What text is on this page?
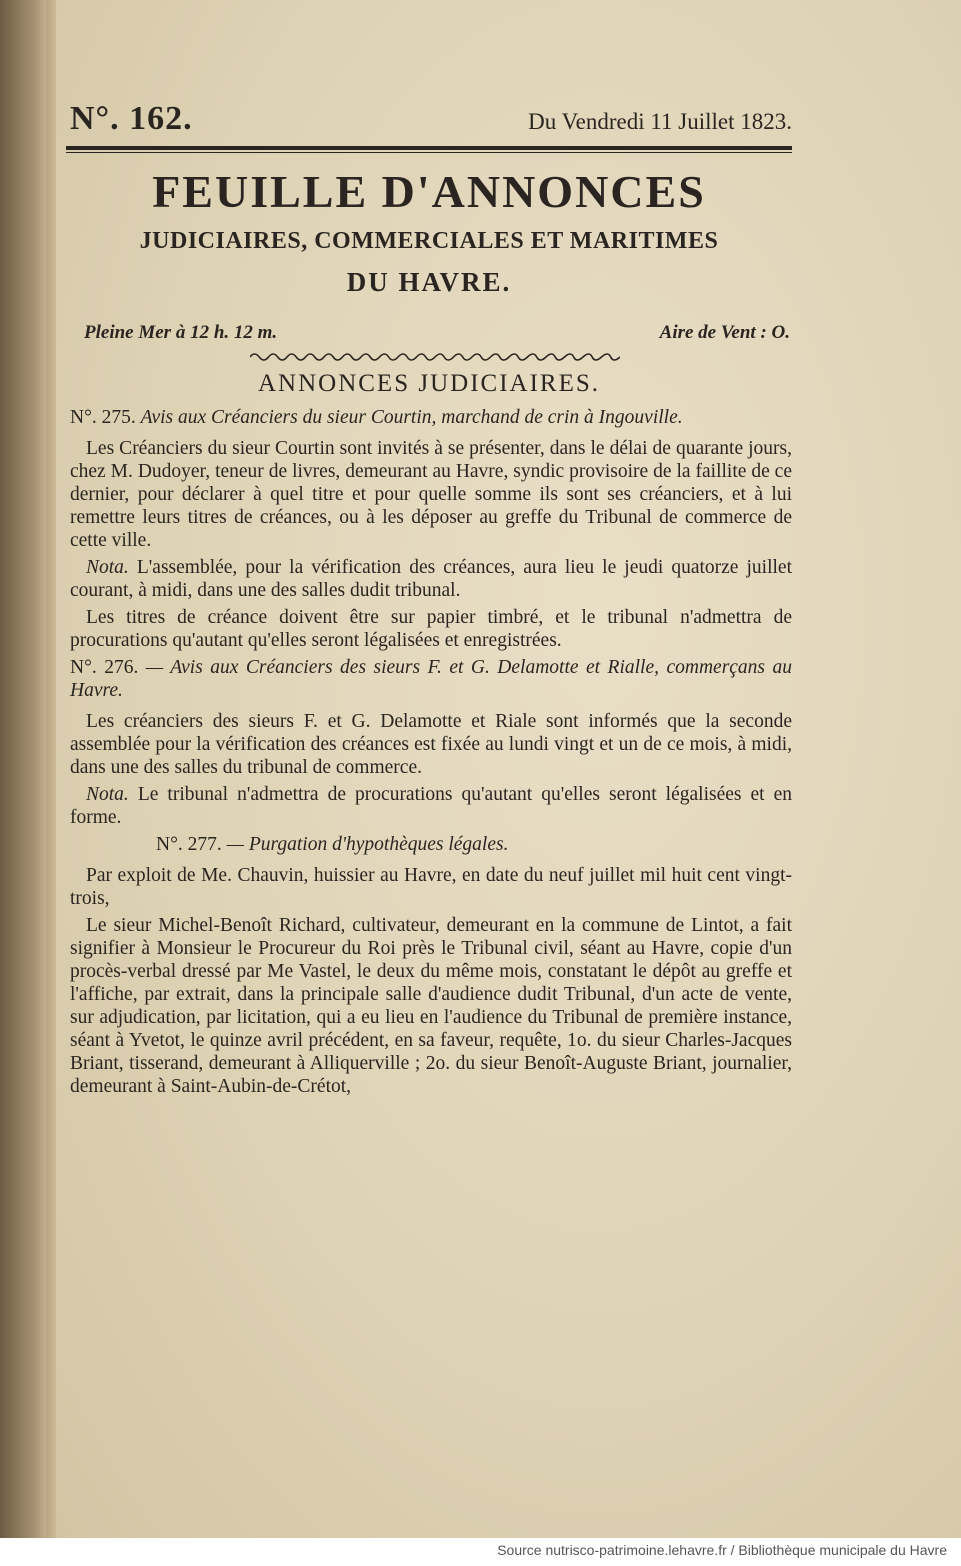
N°. 162.	Du Vendredi 11 Juillet 1823.
FEUILLE D'ANNONCES
JUDICIAIRES, COMMERCIALES ET MARITIMES
DU HAVRE.
Pleine Mer à 12 h. 12 m.	Aire de Vent : O.
ANNONCES JUDICIAIRES.

N°. 275. Avis aux Créanciers du sieur Courtin, marchand de crin à Ingouville.

Les Créanciers du sieur Courtin sont invités à se présenter, dans le délai de quarante jours, chez M. Dudoyer, teneur de livres, demeurant au Havre, syndic provisoire de la faillite de ce dernier, pour déclarer à quel titre et pour quelle somme ils sont ses créanciers, et à lui remettre leurs titres de créances, ou à les déposer au greffe du Tribunal de commerce de cette ville.

Nota. L'assemblée, pour la vérification des créances, aura lieu le jeudi quatorze juillet courant, à midi, dans une des salles dudit tribunal.

Les titres de créance doivent être sur papier timbré, et le tribunal n'admettra de procurations qu'autant qu'elles seront légalisées et enregistrées.

N°. 276. — Avis aux Créanciers des sieurs F. et G. Delamotte et Rialle, commerçans au Havre.

Les créanciers des sieurs F. et G. Delamotte et Riale sont informés que la seconde assemblée pour la vérification des créances est fixée au lundi vingt et un de ce mois, à midi, dans une des salles du tribunal de commerce.

Nota. Le tribunal n'admettra de procurations qu'autant qu'elles seront légalisées et en forme.

N°. 277. — Purgation d'hypothèques légales.

Par exploit de Me. Chauvin, huissier au Havre, en date du neuf juillet mil huit cent vingt-trois,

Le sieur Michel-Benoît Richard, cultivateur, demeurant en la commune de Lintot, a fait signifier à Monsieur le Procureur du Roi près le Tribunal civil, séant au Havre, copie d'un procès-verbal dressé par Me Vastel, le deux du même mois, constatant le dépôt au greffe et l'affiche, par extrait, dans la principale salle d'audience dudit Tribunal, d'un acte de vente, sur adjudication, par licitation, qui a eu lieu en l'audience du Tribunal de première instance, séant à Yvetot, le quinze avril précédent, en sa faveur, requête, 1o. du sieur Charles-Jacques Briant, tisserand, demeurant à Alliquerville ; 2o. du sieur Benoît-Auguste Briant, journalier, demeurant à Saint-Aubin-de-Crétot,

Source nutrisco-patrimoine.lehavre.fr / Bibliothèque municipale du Havre
